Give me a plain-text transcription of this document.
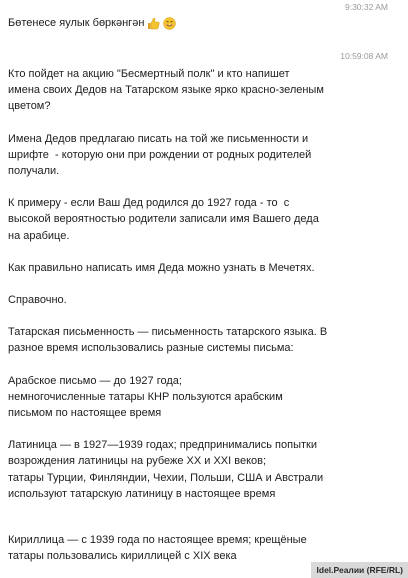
9:30:32 AM
Бөтенесе яулык бөркәнгән
10:59:08 AM

Кто пойдет на акцию "Бесмертный полк" и кто напишет
имена своих Дедов на Татарском языке ярко красно-зеленым
цветом?

Имена Дедов предлагаю писать на той же письменности и
шрифте  - которую они при рождении от родных родителей
получали.

К примеру - если Ваш Дед родился до 1927 года - то  с
высокой вероятностью родители записали имя Вашего деда
на арабице.

Как правильно написать имя Деда можно узнать в Мечетях.

Справочно.

Татарская письменность — письменность татарского языка. В
разное время использовались разные системы письма:

Арабское письмо — до 1927 года;
немногочисленные татары КНР пользуются арабским
письмом по настоящее время

Латиница — в 1927—1939 годах; предпринимались попытки
возрождения латиницы на рубеже XX и XXI веков;
татары Турции, Финляндии, Чехии, Польши, США и Австрали
используют татарскую латиницу в настоящее время

Кириллица — с 1939 года по настоящее время; крещёные
татары пользовались кириллицей с XIX века

Idel.Реалии (RFE/RL)
